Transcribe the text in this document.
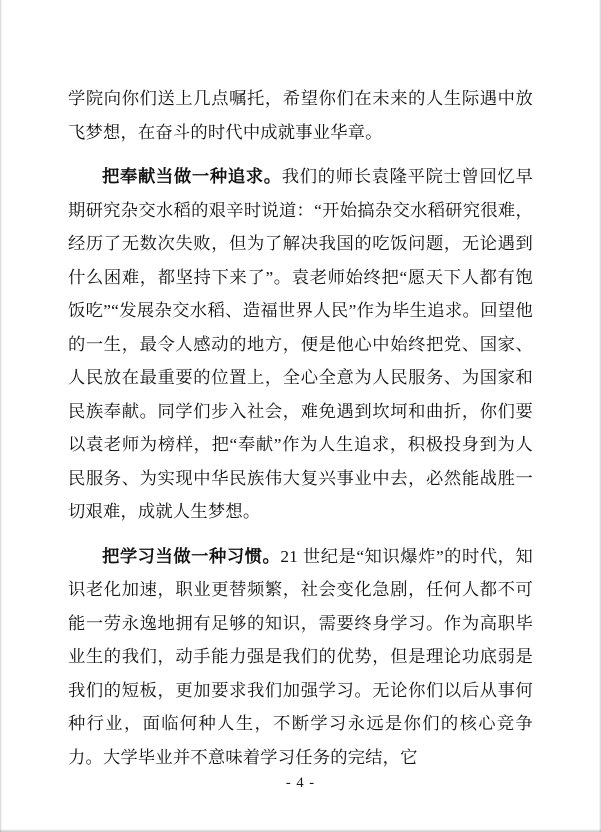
学院向你们送上几点嘱托，希望你们在未来的人生际遇中放飞梦想，在奋斗的时代中成就事业华章。

把奉献当做一种追求。我们的师长袁隆平院士曾回忆早期研究杂交水稻的艰辛时说道：“开始搞杂交水稻研究很难，经历了无数次失败，但为了解决我国的吃饭问题，无论遇到什么困难，都坚持下来了”。袁老师始终把“愿天下人都有饱饭吃”“发展杂交水稻、造福世界人民”作为毕生追求。回望他的一生，最令人感动的地方，便是他心中始终把党、国家、人民放在最重要的位置上，全心全意为人民服务、为国家和民族奉献。同学们步入社会，难免遇到坎坷和曲折，你们要以袁老师为榜样，把“奉献”作为人生追求，积极投身到为人民服务、为实现中华民族伟大复兴事业中去，必然能战胜一切艰难，成就人生梦想。

把学习当做一种习惯。21 世纪是“知识爆炸”的时代，知识老化加速，职业更替频繁，社会变化急剧，任何人都不可能一劳永逸地拥有足够的知识，需要终身学习。作为高职毕业生的我们，动手能力强是我们的优势，但是理论功底弱是我们的短板，更加要求我们加强学习。无论你们以后从事何种行业，面临何种人生，不断学习永远是你们的核心竞争力。大学毕业并不意味着学习任务的完结，它

- 4 -
